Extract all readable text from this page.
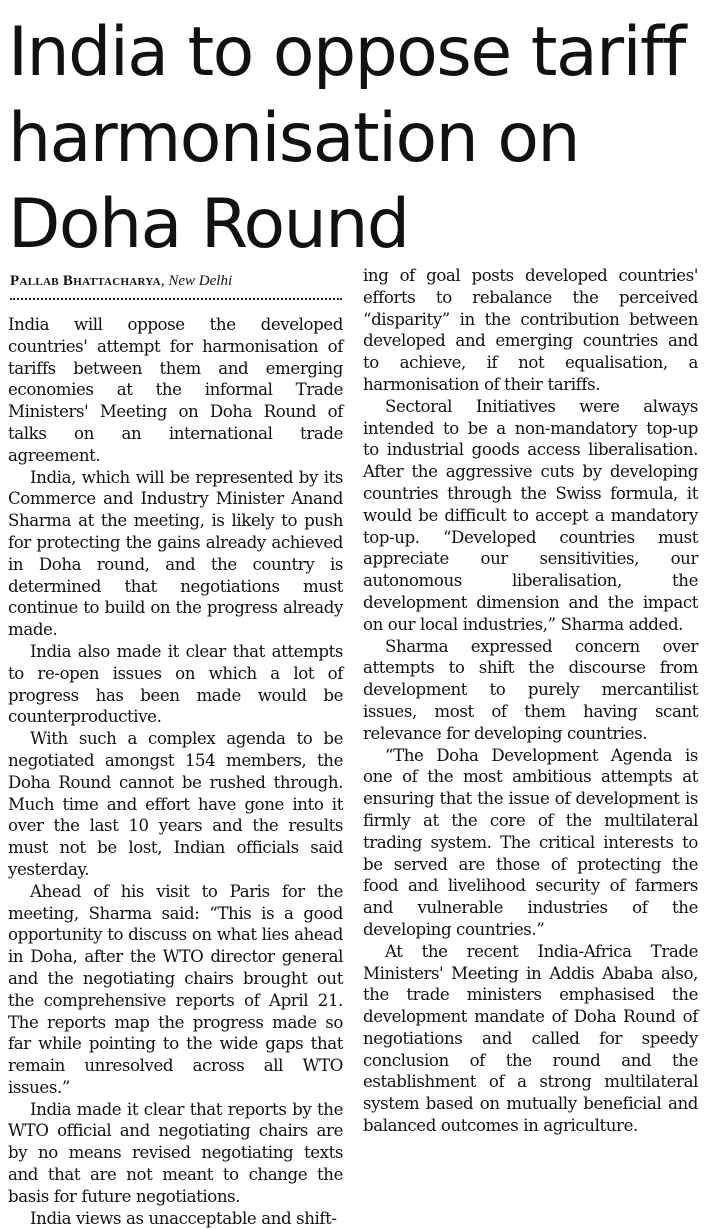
India to oppose tariff harmonisation on Doha Round
Pallab Bhattacharya, New Delhi

India will oppose the developed countries' attempt for harmonisation of tariffs between them and emerging economies at the informal Trade Ministers' Meeting on Doha Round of talks on an international trade agreement.

India, which will be represented by its Commerce and Industry Minister Anand Sharma at the meeting, is likely to push for protecting the gains already achieved in Doha round, and the country is determined that negotiations must continue to build on the progress already made.

India also made it clear that attempts to re-open issues on which a lot of progress has been made would be counterproductive.

With such a complex agenda to be negotiated amongst 154 members, the Doha Round cannot be rushed through. Much time and effort have gone into it over the last 10 years and the results must not be lost, Indian officials said yesterday.

Ahead of his visit to Paris for the meeting, Sharma said: “This is a good opportunity to discuss on what lies ahead in Doha, after the WTO director general and the negotiating chairs brought out the comprehensive reports of April 21. The reports map the progress made so far while pointing to the wide gaps that remain unresolved across all WTO issues.”

India made it clear that reports by the WTO official and negotiating chairs are by no means revised negotiating texts and that are not meant to change the basis for future negotiations.

India views as unacceptable and shift-

ing of goal posts developed countries' efforts to rebalance the perceived “disparity” in the contribution between developed and emerging countries and to achieve, if not equalisation, a harmonisation of their tariffs.

Sectoral Initiatives were always intended to be a non-mandatory top-up to industrial goods access liberalisation. After the aggressive cuts by developing countries through the Swiss formula, it would be difficult to accept a mandatory top-up. “Developed countries must appreciate our sensitivities, our autonomous liberalisation, the development dimension and the impact on our local industries,” Sharma added.

Sharma expressed concern over attempts to shift the discourse from development to purely mercantilist issues, most of them having scant relevance for developing countries.

“The Doha Development Agenda is one of the most ambitious attempts at ensuring that the issue of development is firmly at the core of the multilateral trading system. The critical interests to be served are those of protecting the food and livelihood security of farmers and vulnerable industries of the developing countries.”

At the recent India-Africa Trade Ministers' Meeting in Addis Ababa also, the trade ministers emphasised the development mandate of Doha Round of negotiations and called for speedy conclusion of the round and the establishment of a strong multilateral system based on mutually beneficial and balanced outcomes in agriculture.
